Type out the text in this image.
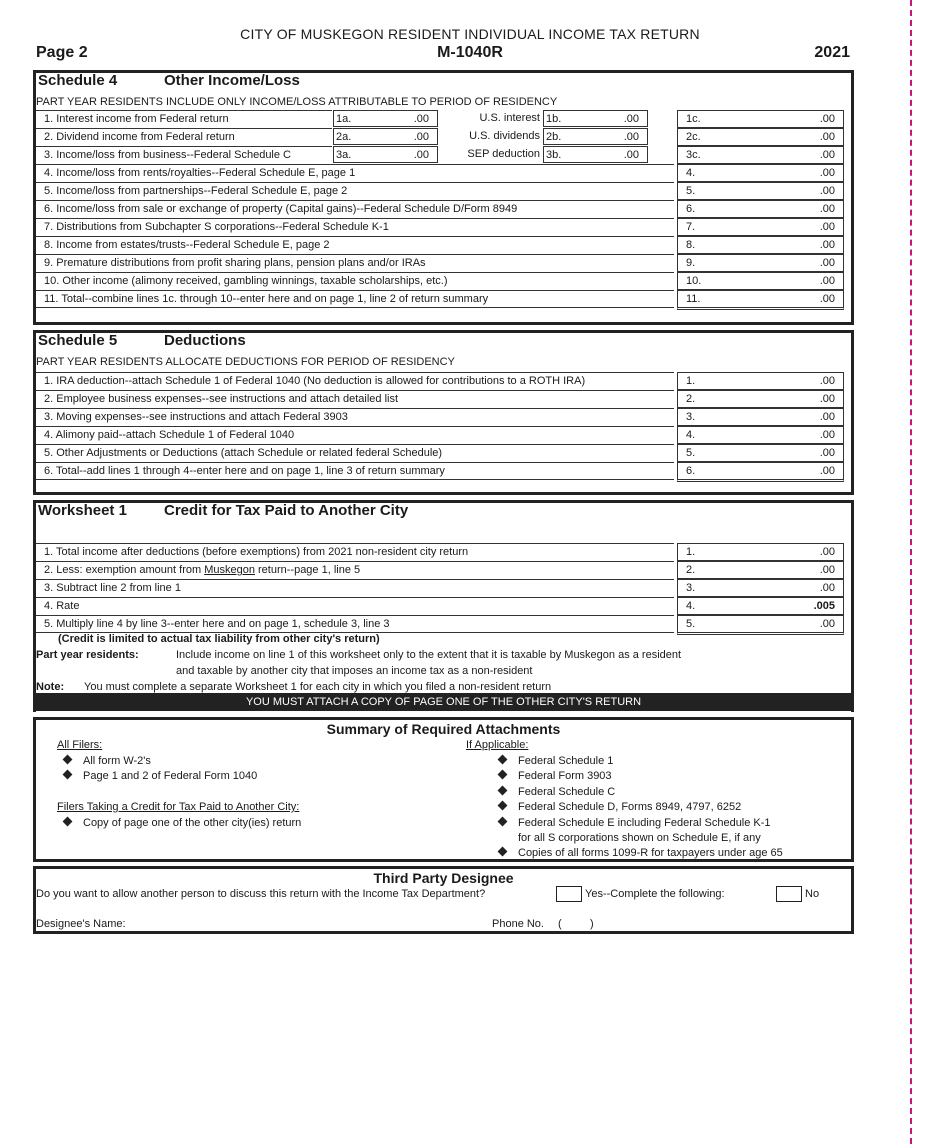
CITY OF MUSKEGON RESIDENT INDIVIDUAL INCOME TAX RETURN
Page 2	M-1040R	2021
Schedule 4	Other Income/Loss
PART YEAR RESIDENTS INCLUDE ONLY INCOME/LOSS ATTRIBUTABLE TO PERIOD OF RESIDENCY
1. Interest income from Federal return	1a.	.00	U.S. interest 1b.	.00	1c.	.00
2. Dividend income from Federal return	2a.	.00	U.S. dividends 2b.	.00	2c.	.00
3. Income/loss from business--Federal Schedule C	3a.	.00	SEP deduction 3b.	.00	3c.	.00
4. Income/loss from rents/royalties--Federal Schedule E, page 1	4.	.00
5. Income/loss from partnerships--Federal Schedule E, page 2	5.	.00
6. Income/loss from sale or exchange of property (Capital gains)--Federal Schedule D/Form 8949	6.	.00
7. Distributions from Subchapter S corporations--Federal Schedule K-1	7.	.00
8. Income from estates/trusts--Federal Schedule E, page 2	8.	.00
9. Premature distributions from profit sharing plans, pension plans and/or IRAs	9.	.00
10. Other income (alimony received, gambling winnings, taxable scholarships, etc.)	10.	.00
11. Total--combine lines 1c. through 10--enter here and on page 1, line 2 of return summary	11.	.00
Schedule 5	Deductions
PART YEAR RESIDENTS ALLOCATE DEDUCTIONS FOR PERIOD OF RESIDENCY
1. IRA deduction--attach Schedule 1 of Federal 1040 (No deduction is allowed for contributions to a ROTH IRA)	1.	.00
2. Employee business expenses--see instructions and attach detailed list	2.	.00
3. Moving expenses--see instructions and attach Federal 3903	3.	.00
4. Alimony paid--attach Schedule 1 of Federal 1040	4.	.00
5. Other Adjustments or Deductions (attach Schedule or related federal Schedule)	5.	.00
6. Total--add lines 1 through 4--enter here and on page 1, line 3 of return summary	6.	.00
Worksheet 1 Credit for Tax Paid to Another City
1. Total income after deductions (before exemptions) from 2021 non-resident city return	1.	.00
2. Less: exemption amount from Muskegon return--page 1, line 5	2.	.00
3. Subtract line 2 from line 1	3.	.00
4. Rate	4.	.005
5. Multiply line 4 by line 3--enter here and on page 1, schedule 3, line 3	5.	.00
(Credit is limited to actual tax liability from other city's return)
Part year residents:	Include income on line 1 of this worksheet only to the extent that it is taxable by Muskegon as a resident
and taxable by another city that imposes an income tax as a non-resident
Note: You must complete a separate Worksheet 1 for each city in which you filed a non-resident return
YOU MUST ATTACH A COPY OF PAGE ONE OF THE OTHER CITY'S RETURN
Summary of Required Attachments
All Filers:
All form W-2's
Page 1 and 2 of Federal Form 1040
Filers Taking a Credit for Tax Paid to Another City:
Copy of page one of the other city(ies) return
If Applicable:
Federal Schedule 1
Federal Form 3903
Federal Schedule C
Federal Schedule D, Forms 8949, 4797, 6252
Federal Schedule E including Federal Schedule K-1
for all S corporations shown on Schedule E, if any
Copies of all forms 1099-R for taxpayers under age 65
Third Party Designee
Do you want to allow another person to discuss this return with the Income Tax Department?	Yes--Complete the following:	No
Designee's Name:	Phone No. (	)
